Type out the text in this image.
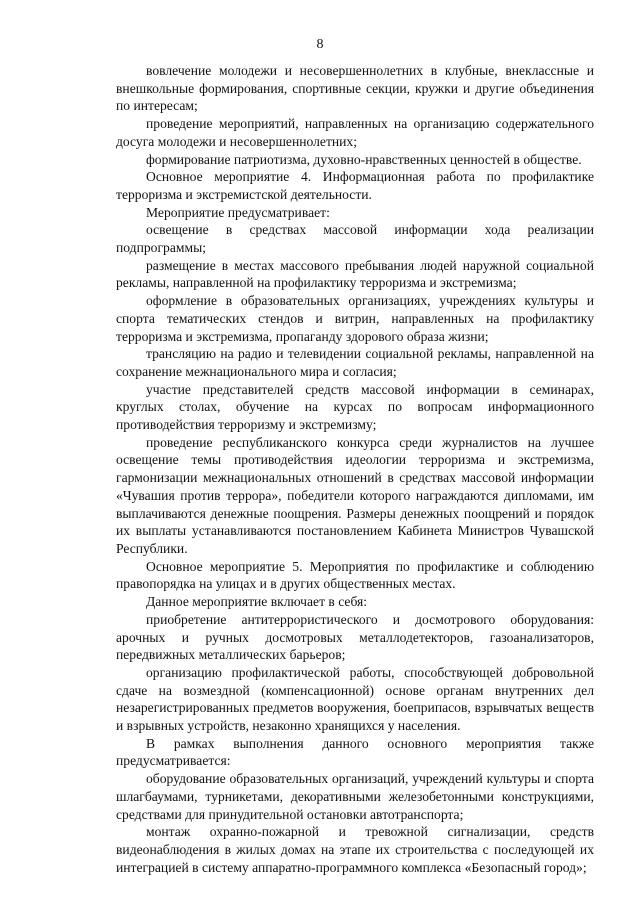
8

вовлечение молодежи и несовершеннолетних в клубные, внеклассные и внешкольные формирования, спортивные секции, кружки и другие объединения по интересам;

проведение мероприятий, направленных на организацию содержательного досуга молодежи и несовершеннолетних;

формирование патриотизма, духовно-нравственных ценностей в обществе.

Основное мероприятие 4. Информационная работа по профилактике терроризма и экстремистской деятельности.

Мероприятие предусматривает:

освещение в средствах массовой информации хода реализации подпрограммы;

размещение в местах массового пребывания людей наружной социальной рекламы, направленной на профилактику терроризма и экстремизма;

оформление в образовательных организациях, учреждениях культуры и спорта тематических стендов и витрин, направленных на профилактику терроризма и экстремизма, пропаганду здорового образа жизни;

трансляцию на радио и телевидении социальной рекламы, направленной на сохранение межнационального мира и согласия;

участие представителей средств массовой информации в семинарах, круглых столах, обучение на курсах по вопросам информационного противодействия терроризму и экстремизму;

проведение республиканского конкурса среди журналистов на лучшее освещение темы противодействия идеологии терроризма и экстремизма, гармонизации межнациональных отношений в средствах массовой информации «Чувашия против террора», победители которого награждаются дипломами, им выплачиваются денежные поощрения. Размеры денежных поощрений и порядок их выплаты устанавливаются постановлением Кабинета Министров Чувашской Республики.

Основное мероприятие 5. Мероприятия по профилактике и соблюдению правопорядка на улицах и в других общественных местах.

Данное мероприятие включает в себя:

приобретение антитеррористического и досмотрового оборудования: арочных и ручных досмотровых металлодетекторов, газоанализаторов, передвижных металлических барьеров;

организацию профилактической работы, способствующей добровольной сдаче на возмездной (компенсационной) основе органам внутренних дел незарегистрированных предметов вооружения, боеприпасов, взрывчатых веществ и взрывных устройств, незаконно хранящихся у населения.

В рамках выполнения данного основного мероприятия также предусматривается:

оборудование образовательных организаций, учреждений культуры и спорта шлагбаумами, турникетами, декоративными железобетонными конструкциями, средствами для принудительной остановки автотранспорта;

монтаж охранно-пожарной и тревожной сигнализации, средств видеонаблюдения в жилых домах на этапе их строительства с последующей их интеграцией в систему аппаратно-программного комплекса «Безопасный город»;
